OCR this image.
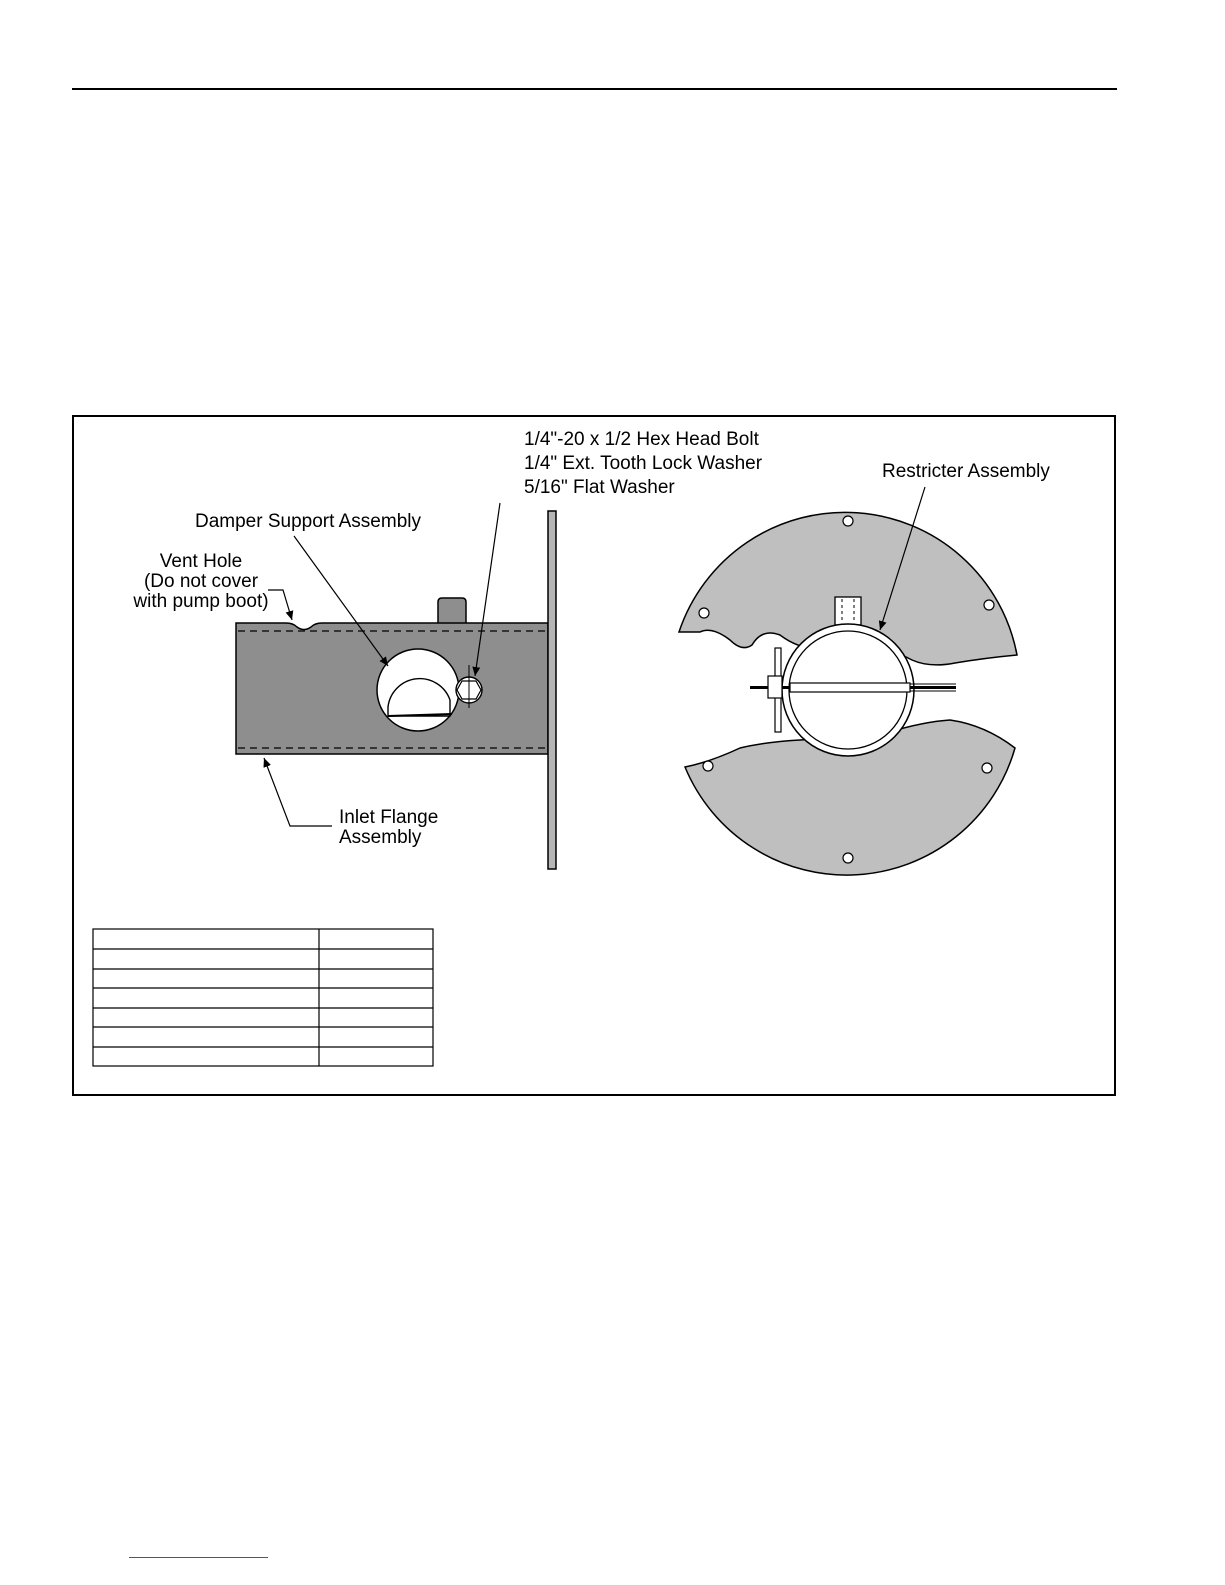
1/4"-20 x 1/2 Hex Head Bolt
1/4" Ext. Tooth Lock Washer
5/16" Flat Washer
Damper Support Assembly
Vent Hole
(Do not cover
with pump boot)
Inlet Flange
Assembly
Restricter Assembly
